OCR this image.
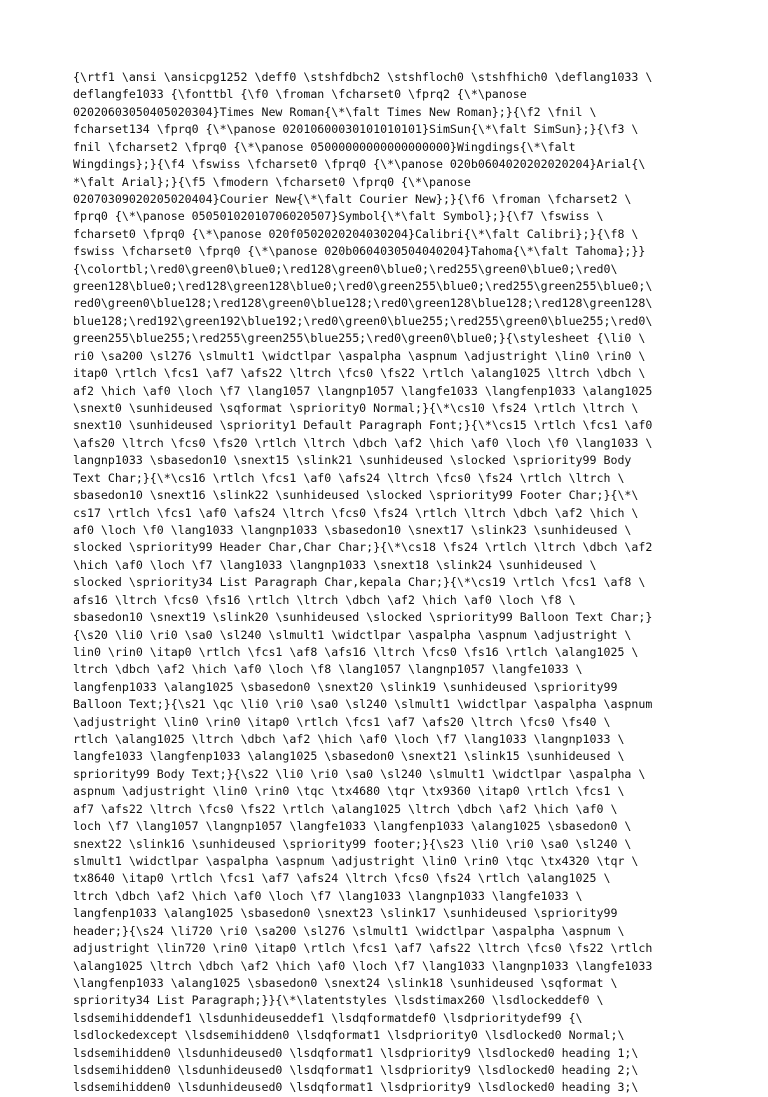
{\rtf1 \ansi \ansicpg1252 \deff0 \stshfdbch2 \stshfloch0 \stshfhich0 \deflang1033 \
deflangfe1033 {\fonttbl {\f0 \froman \fcharset0 \fprq2 {\*\panose
02020603050405020304}Times New Roman{\*\falt Times New Roman};}{\f2 \fnil \
fcharset134 \fprq0 {\*\panose 02010600030101010101}SimSun{\*\falt SimSun};}{\f3 \
fnil \fcharset2 \fprq0 {\*\panose 05000000000000000000}Wingdings{\*\falt
Wingdings};}{\f4 \fswiss \fcharset0 \fprq0 {\*\panose 020b0604020202020204}Arial{\
*\falt Arial};}{\f5 \fmodern \fcharset0 \fprq0 {\*\panose
02070309020205020404}Courier New{\*\falt Courier New};}{\f6 \froman \fcharset2 \
fprq0 {\*\panose 05050102010706020507}Symbol{\*\falt Symbol};}{\f7 \fswiss \
fcharset0 \fprq0 {\*\panose 020f0502020204030204}Calibri{\*\falt Calibri};}{\f8 \
fswiss \fcharset0 \fprq0 {\*\panose 020b0604030504040204}Tahoma{\*\falt Tahoma};}}
{\colortbl;\red0\green0\blue0;\red128\green0\blue0;\red255\green0\blue0;\red0\
green128\blue0;\red128\green128\blue0;\red0\green255\blue0;\red255\green255\blue0;\
red0\green0\blue128;\red128\green0\blue128;\red0\green128\blue128;\red128\green128\
blue128;\red192\green192\blue192;\red0\green0\blue255;\red255\green0\blue255;\red0\
green255\blue255;\red255\green255\blue255;\red0\green0\blue0;}{\stylesheet {\li0 \
ri0 \sa200 \sl276 \slmult1 \widctlpar \aspalpha \aspnum \adjustright \lin0 \rin0 \
itap0 \rtlch \fcs1 \af7 \afs22 \ltrch \fcs0 \fs22 \rtlch \alang1025 \ltrch \dbch \
af2 \hich \af0 \loch \f7 \lang1057 \langnp1057 \langfe1033 \langfenp1033 \alang1025
\snext0 \sunhideused \sqformat \spriority0 Normal;}{\*\cs10 \fs24 \rtlch \ltrch \
snext10 \sunhideused \spriority1 Default Paragraph Font;}{\*\cs15 \rtlch \fcs1 \af0
\afs20 \ltrch \fcs0 \fs20 \rtlch \ltrch \dbch \af2 \hich \af0 \loch \f0 \lang1033 \
langnp1033 \sbasedon10 \snext15 \slink21 \sunhideused \slocked \spriority99 Body
Text Char;}{\*\cs16 \rtlch \fcs1 \af0 \afs24 \ltrch \fcs0 \fs24 \rtlch \ltrch \
sbasedon10 \snext16 \slink22 \sunhideused \slocked \spriority99 Footer Char;}{\*\
cs17 \rtlch \fcs1 \af0 \afs24 \ltrch \fcs0 \fs24 \rtlch \ltrch \dbch \af2 \hich \
af0 \loch \f0 \lang1033 \langnp1033 \sbasedon10 \snext17 \slink23 \sunhideused \
slocked \spriority99 Header Char,Char Char;}{\*\cs18 \fs24 \rtlch \ltrch \dbch \af2
\hich \af0 \loch \f7 \lang1033 \langnp1033 \snext18 \slink24 \sunhideused \
slocked \spriority34 List Paragraph Char,kepala Char;}{\*\cs19 \rtlch \fcs1 \af8 \
afs16 \ltrch \fcs0 \fs16 \rtlch \ltrch \dbch \af2 \hich \af0 \loch \f8 \
sbasedon10 \snext19 \slink20 \sunhideused \slocked \spriority99 Balloon Text Char;}
{\s20 \li0 \ri0 \sa0 \sl240 \slmult1 \widctlpar \aspalpha \aspnum \adjustright \
lin0 \rin0 \itap0 \rtlch \fcs1 \af8 \afs16 \ltrch \fcs0 \fs16 \rtlch \alang1025 \
ltrch \dbch \af2 \hich \af0 \loch \f8 \lang1057 \langnp1057 \langfe1033 \
langfenp1033 \alang1025 \sbasedon0 \snext20 \slink19 \sunhideused \spriority99
Balloon Text;}{\s21 \qc \li0 \ri0 \sa0 \sl240 \slmult1 \widctlpar \aspalpha \aspnum
\adjustright \lin0 \rin0 \itap0 \rtlch \fcs1 \af7 \afs20 \ltrch \fcs0 \fs40 \
rtlch \alang1025 \ltrch \dbch \af2 \hich \af0 \loch \f7 \lang1033 \langnp1033 \
langfe1033 \langfenp1033 \alang1025 \sbasedon0 \snext21 \slink15 \sunhideused \
spriority99 Body Text;}{\s22 \li0 \ri0 \sa0 \sl240 \slmult1 \widctlpar \aspalpha \
aspnum \adjustright \lin0 \rin0 \tqc \tx4680 \tqr \tx9360 \itap0 \rtlch \fcs1 \
af7 \afs22 \ltrch \fcs0 \fs22 \rtlch \alang1025 \ltrch \dbch \af2 \hich \af0 \
loch \f7 \lang1057 \langnp1057 \langfe1033 \langfenp1033 \alang1025 \sbasedon0 \
snext22 \slink16 \sunhideused \spriority99 footer;}{\s23 \li0 \ri0 \sa0 \sl240 \
slmult1 \widctlpar \aspalpha \aspnum \adjustright \lin0 \rin0 \tqc \tx4320 \tqr \
tx8640 \itap0 \rtlch \fcs1 \af7 \afs24 \ltrch \fcs0 \fs24 \rtlch \alang1025 \
ltrch \dbch \af2 \hich \af0 \loch \f7 \lang1033 \langnp1033 \langfe1033 \
langfenp1033 \alang1025 \sbasedon0 \snext23 \slink17 \sunhideused \spriority99
header;}{\s24 \li720 \ri0 \sa200 \sl276 \slmult1 \widctlpar \aspalpha \aspnum \
adjustright \lin720 \rin0 \itap0 \rtlch \fcs1 \af7 \afs22 \ltrch \fcs0 \fs22 \rtlch
\alang1025 \ltrch \dbch \af2 \hich \af0 \loch \f7 \lang1033 \langnp1033 \langfe1033
\langfenp1033 \alang1025 \sbasedon0 \snext24 \slink18 \sunhideused \sqformat \
spriority34 List Paragraph;}}{\*\latentstyles \lsdstimax260 \lsdlockeddef0 \
lsdsemihiddendef1 \lsdunhideuseddef1 \lsdqformatdef0 \lsdprioritydef99 {\
lsdlockedexcept \lsdsemihidden0 \lsdqformat1 \lsdpriority0 \lsdlocked0 Normal;\
lsdsemihidden0 \lsdunhideused0 \lsdqformat1 \lsdpriority9 \lsdlocked0 heading 1;\
lsdsemihidden0 \lsdunhideused0 \lsdqformat1 \lsdpriority9 \lsdlocked0 heading 2;\
lsdsemihidden0 \lsdunhideused0 \lsdqformat1 \lsdpriority9 \lsdlocked0 heading 3;\
